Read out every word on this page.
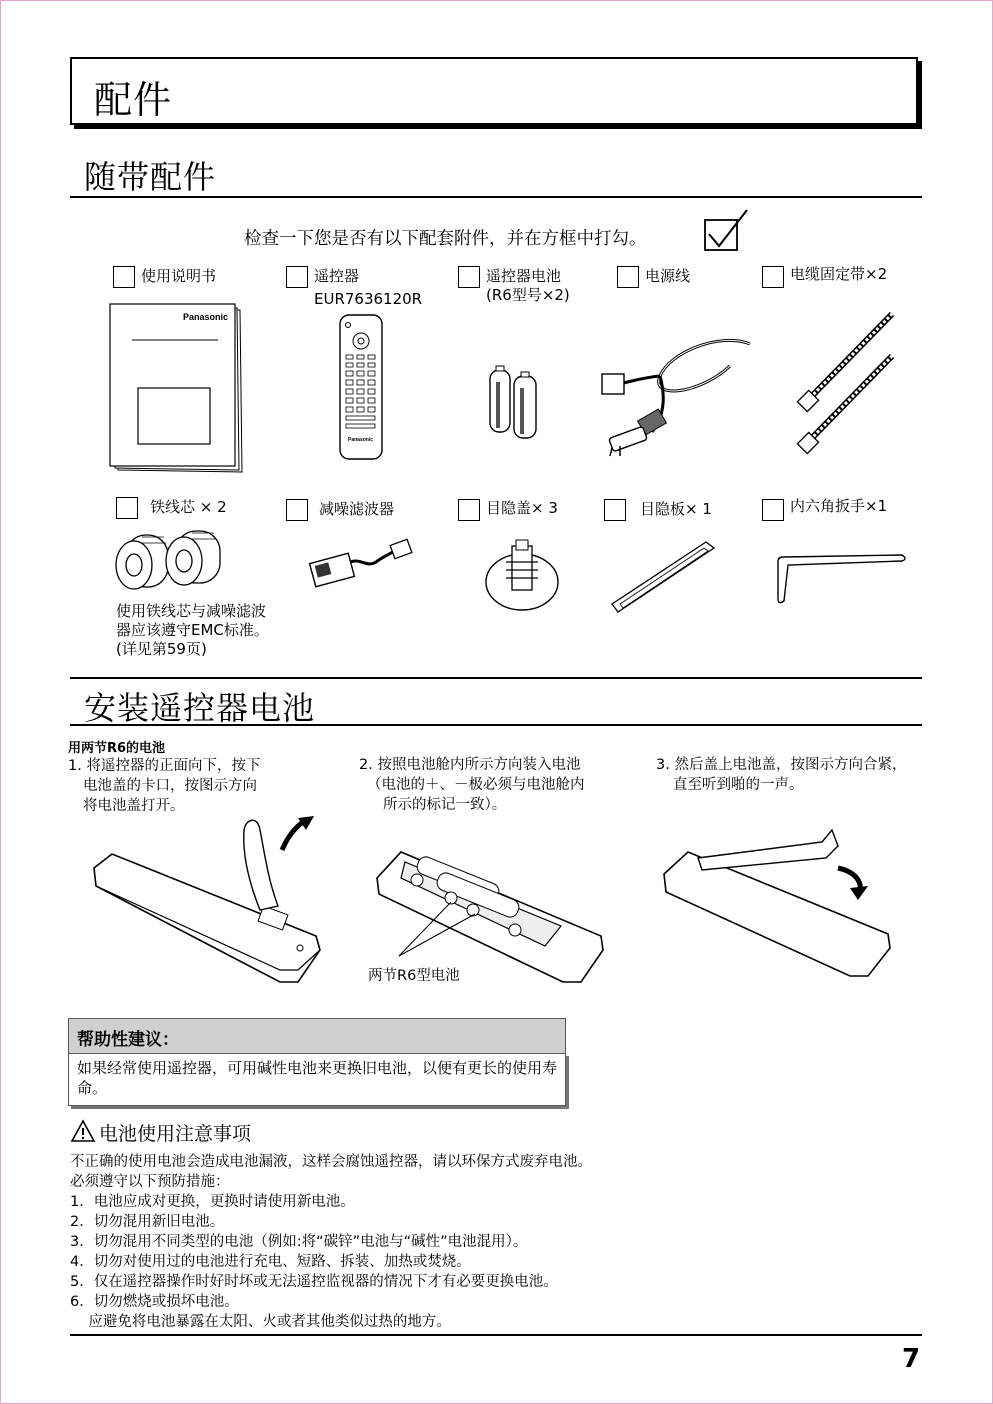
配件
随带配件
检查一下您是否有以下配套附件，并在方框中打勾。
使用说明书	遥控器
EUR7636120R
遥控器电池
(R6型号×2)
电源线	电缆固定带×2
Panasonic
Panasonic
铁线芯 × 2	减噪滤波器	目隐盖× 3	目隐板× 1	内六角扳手×1
使用铁线芯与减噪滤波
器应该遵守EMC标准。
(详见第59页)
安装遥控器电池
用两节R6的电池
1. 将遥控器的正面向下，按下
电池盖的卡口，按图示方向
将电池盖打开。
2. 按照电池舱内所示方向装入电池
（电池的＋、－极必须与电池舱内
所示的标记一致）。
3. 然后盖上电池盖，按图示方向合紧，
直至听到啪的一声。
两节R6型电池
帮助性建议：
如果经常使用遥控器，可用碱性电池来更换旧电池，以便有更长的使用寿命。
电池使用注意事项
不正确的使用电池会造成电池漏液，这样会腐蚀遥控器，请以环保方式废弃电池。
必须遵守以下预防措施：
1．电池应成对更换，更换时请使用新电池。
2．切勿混用新旧电池。
3．切勿混用不同类型的电池（例如:将“碳锌”电池与“碱性”电池混用）。
4．切勿对使用过的电池进行充电、短路、拆装、加热或焚烧。
5．仅在遥控器操作时好时坏或无法遥控监视器的情况下才有必要更换电池。
6．切勿燃烧或损坏电池。
应避免将电池暴露在太阳、火或者其他类似过热的地方。
7
